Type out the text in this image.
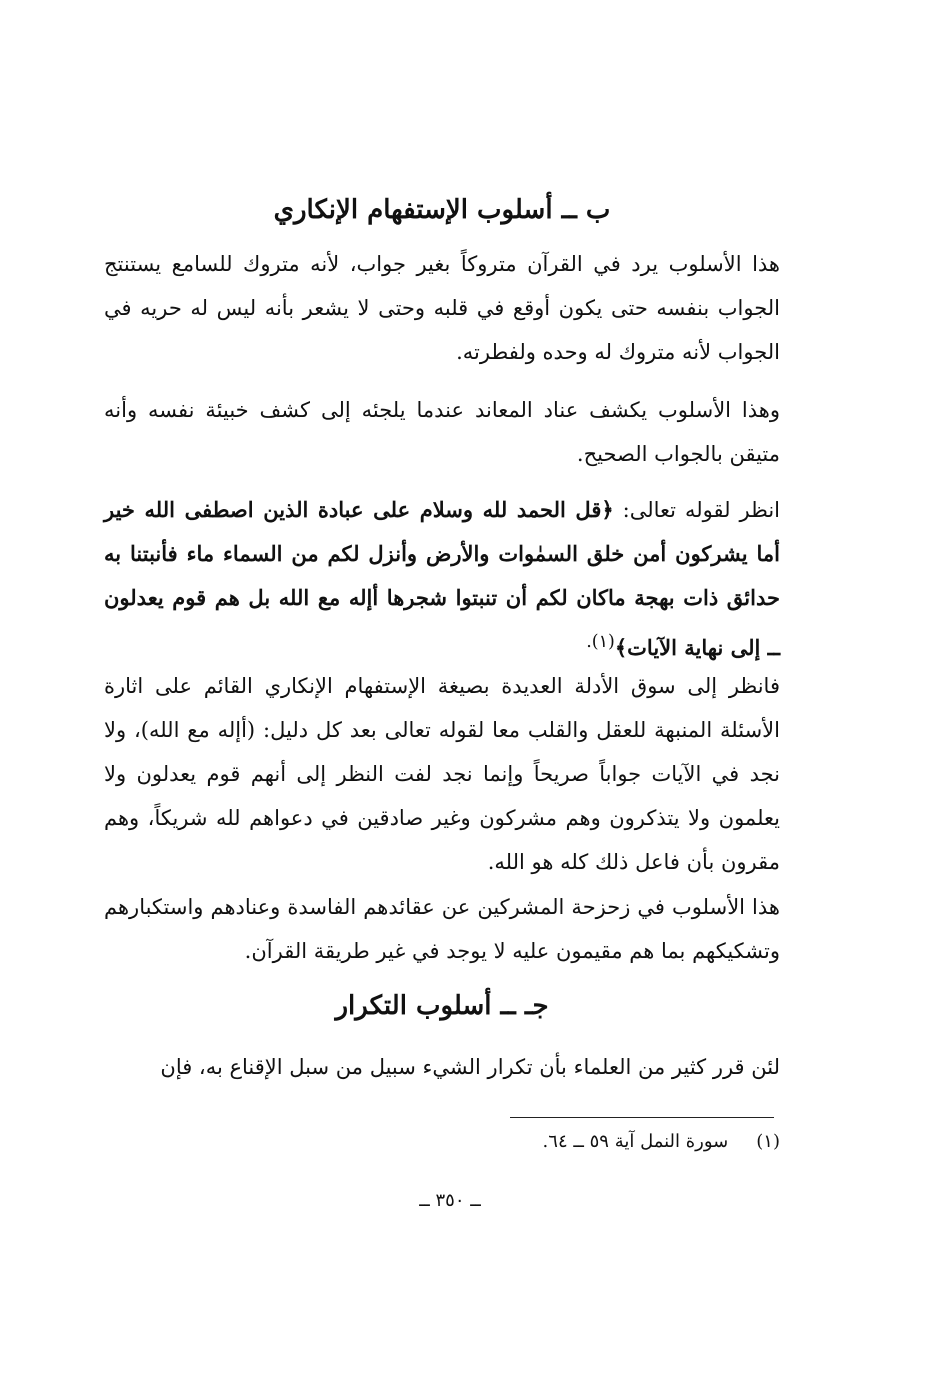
ب ــ أسلوب الإستفهام الإنكاري

هذا الأسلوب يرد في القرآن متروكاً بغير جواب، لأنه متروك للسامع يستنتج الجواب بنفسه حتى يكون أوقع في قلبه وحتى لا يشعر بأنه ليس له حريه في الجواب لأنه متروك له وحده ولفطرته.

وهذا الأسلوب يكشف عناد المعاند عندما يلجئه إلى كشف خبيئة نفسه وأنه متيقن بالجواب الصحيح.

انظر لقوله تعالى: ﴿قل الحمد لله وسلام على عبادة الذين اصطفى الله خير أما يشركون أمن خلق السمٰوات والأرض وأنزل لكم من السماء ماء فأنبتنا به حدائق ذات بهجة ماكان لكم أن تنبتوا شجرها أإله مع الله بل هم قوم يعدلون ــ إلى نهاية الآيات﴾$^{(١).}$

فانظر إلى سوق الأدلة العديدة بصيغة الإستفهام الإنكاري القائم على اثارة الأسئلة المنبهة للعقل والقلب معا لقوله تعالى بعد كل دليل: (أإله مع الله)، ولا نجد في الآيات جواباً صريحاً وإنما نجد لفت النظر إلى أنهم قوم يعدلون ولا يعلمون ولا يتذكرون وهم مشركون وغير صادقين في دعواهم لله شريكاً، وهم مقرون بأن فاعل ذلك كله هو الله.

هذا الأسلوب في زحزحة المشركين عن عقائدهم الفاسدة وعنادهم واستكبارهم وتشكيكهم بما هم مقيمون عليه لا يوجد في غير طريقة القرآن.

جـ ــ أسلوب التكرار

لئن قرر كثير من العلماء بأن تكرار الشيء سبيل من سبل الإقناع به، فإن

(١)سورة النمل آية ٥٩ ــ ٦٤.
ــ ٣٥٠ ــ
